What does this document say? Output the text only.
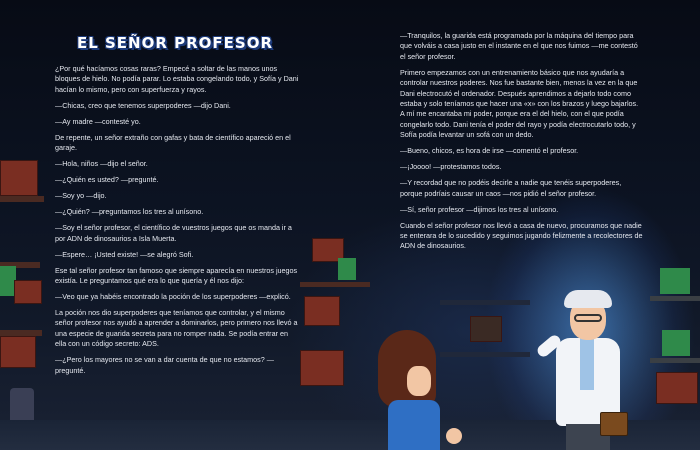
EL SEÑOR PROFESOR

¿Por qué hacíamos cosas raras? Empecé a soltar de las manos unos bloques de hielo. No podía parar. Lo estaba congelando todo, y Sofía y Dani hacían lo mismo, pero con superfuerza y rayos.

—Chicas, creo que tenemos superpoderes —dijo Dani.

—Ay madre —contesté yo.

De repente, un señor extraño con gafas y bata de científico apareció en el garaje.

—Hola, niños —dijo el señor.

—¿Quién es usted? —pregunté.

—Soy yo —dijo.

—¿Quién? —preguntamos los tres al unísono.

—Soy el señor profesor, el científico de vuestros juegos que os manda ir a por ADN de dinosaurios a Isla Muerta.

—Espere… ¡Usted existe! —se alegró Sofi.

Ese tal señor profesor tan famoso que siempre aparecía en nuestros juegos existía. Le preguntamos qué era lo que quería y él nos dijo:

—Veo que ya habéis encontrado la poción de los superpoderes —explicó.

La poción nos dio superpoderes que teníamos que controlar, y el mismo señor profesor nos ayudó a aprender a dominarlos, pero primero nos llevó a una especie de guarida secreta para no romper nada. Se podía entrar en ella con un código secreto: ADS.

—¿Pero los mayores no se van a dar cuenta de que no estamos? —pregunté.

—Tranquilos, la guarida está programada por la máquina del tiempo para que volváis a casa justo en el instante en el que nos fuimos —me contestó el señor profesor.

Primero empezamos con un entrenamiento básico que nos ayudaría a controlar nuestros poderes. Nos fue bastante bien, menos la vez en la que Dani electrocutó el ordenador. Después aprendimos a dejarlo todo como estaba y solo teníamos que hacer una «x» con los brazos y luego bajarlos. A mí me encantaba mi poder, porque era el del hielo, con el que podía congelarlo todo. Dani tenía el poder del rayo y podía electrocutarlo todo, y Sofía podía levantar un sofá con un dedo.

—Bueno, chicos, es hora de irse —comentó el profesor.

—¡Joooo! —protestamos todos.

—Y recordad que no podéis decirle a nadie que tenéis superpoderes, porque podríais causar un caos —nos pidió el señor profesor.

—Sí, señor profesor —dijimos los tres al unísono.

Cuando el señor profesor nos llevó a casa de nuevo, procuramos que nadie se enterara de lo sucedido y seguimos jugando felizmente a recolectores de ADN de dinosaurios.
